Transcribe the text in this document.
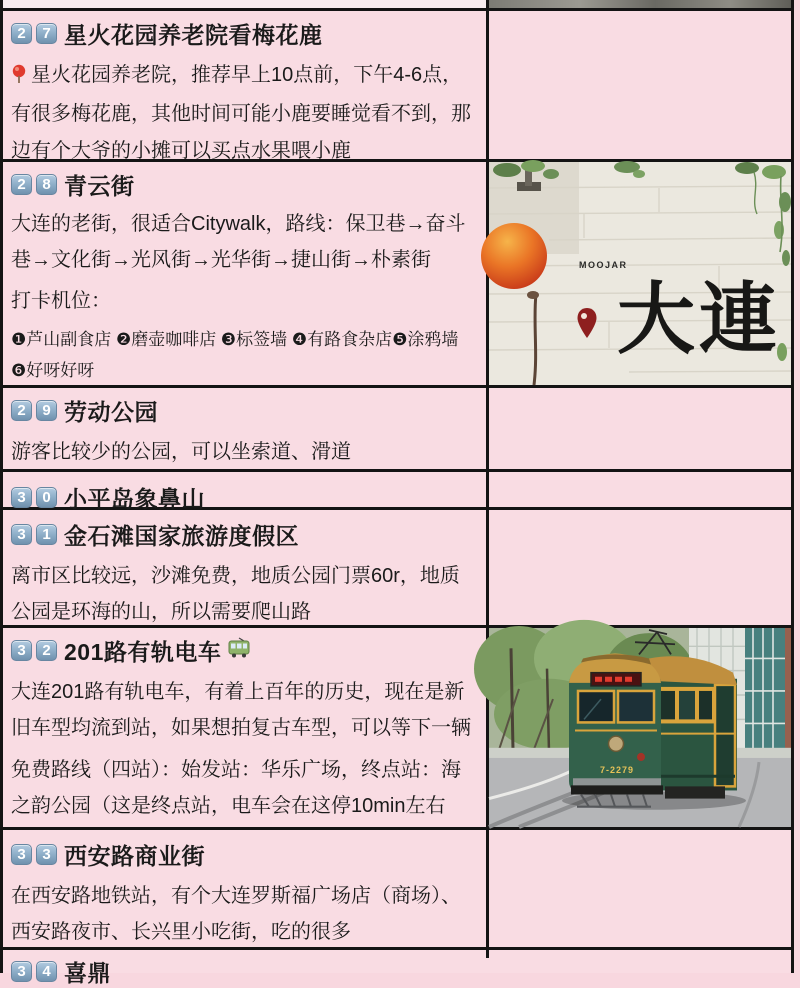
2	7 星火花园养老院看梅花鹿

星火花园养老院，推荐早上10点前，下午4-6点，有很多梅花鹿，其他时间可能小鹿要睡觉看不到，那边有个大爷的小摊可以买点水果喂小鹿

2	8 青云街

大连的老街，很适合Citywalk，路线：保卫巷→奋斗巷→文化街→光风街→光华街→捷山街→朴素街

打卡机位：

❶芦山副食店 ❷磨壶咖啡店 ❸标签墙 ❹有路食杂店❺涂鸦墙 ❻好呀好呀

MOOJAR
大連
2	9 劳动公园

游客比较少的公园，可以坐索道、滑道

3	0 小平岛象鼻山
3	1 金石滩国家旅游度假区

离市区比较远，沙滩免费，地质公园门票60r，地质公园是环海的山，所以需要爬山路

3	2 201路有轨电车

大连201路有轨电车，有着上百年的历史，现在是新旧车型均流到站，如果想拍复古车型，可以等下一辆

免费路线（四站）：始发站：华乐广场，终点站：海之韵公园（这是终点站，电车会在这停10min左右

7-2279
3	3 西安路商业街

在西安路地铁站，有个大连罗斯福广场店（商场）、西安路夜市、长兴里小吃街，吃的很多

3	4 喜鼎
